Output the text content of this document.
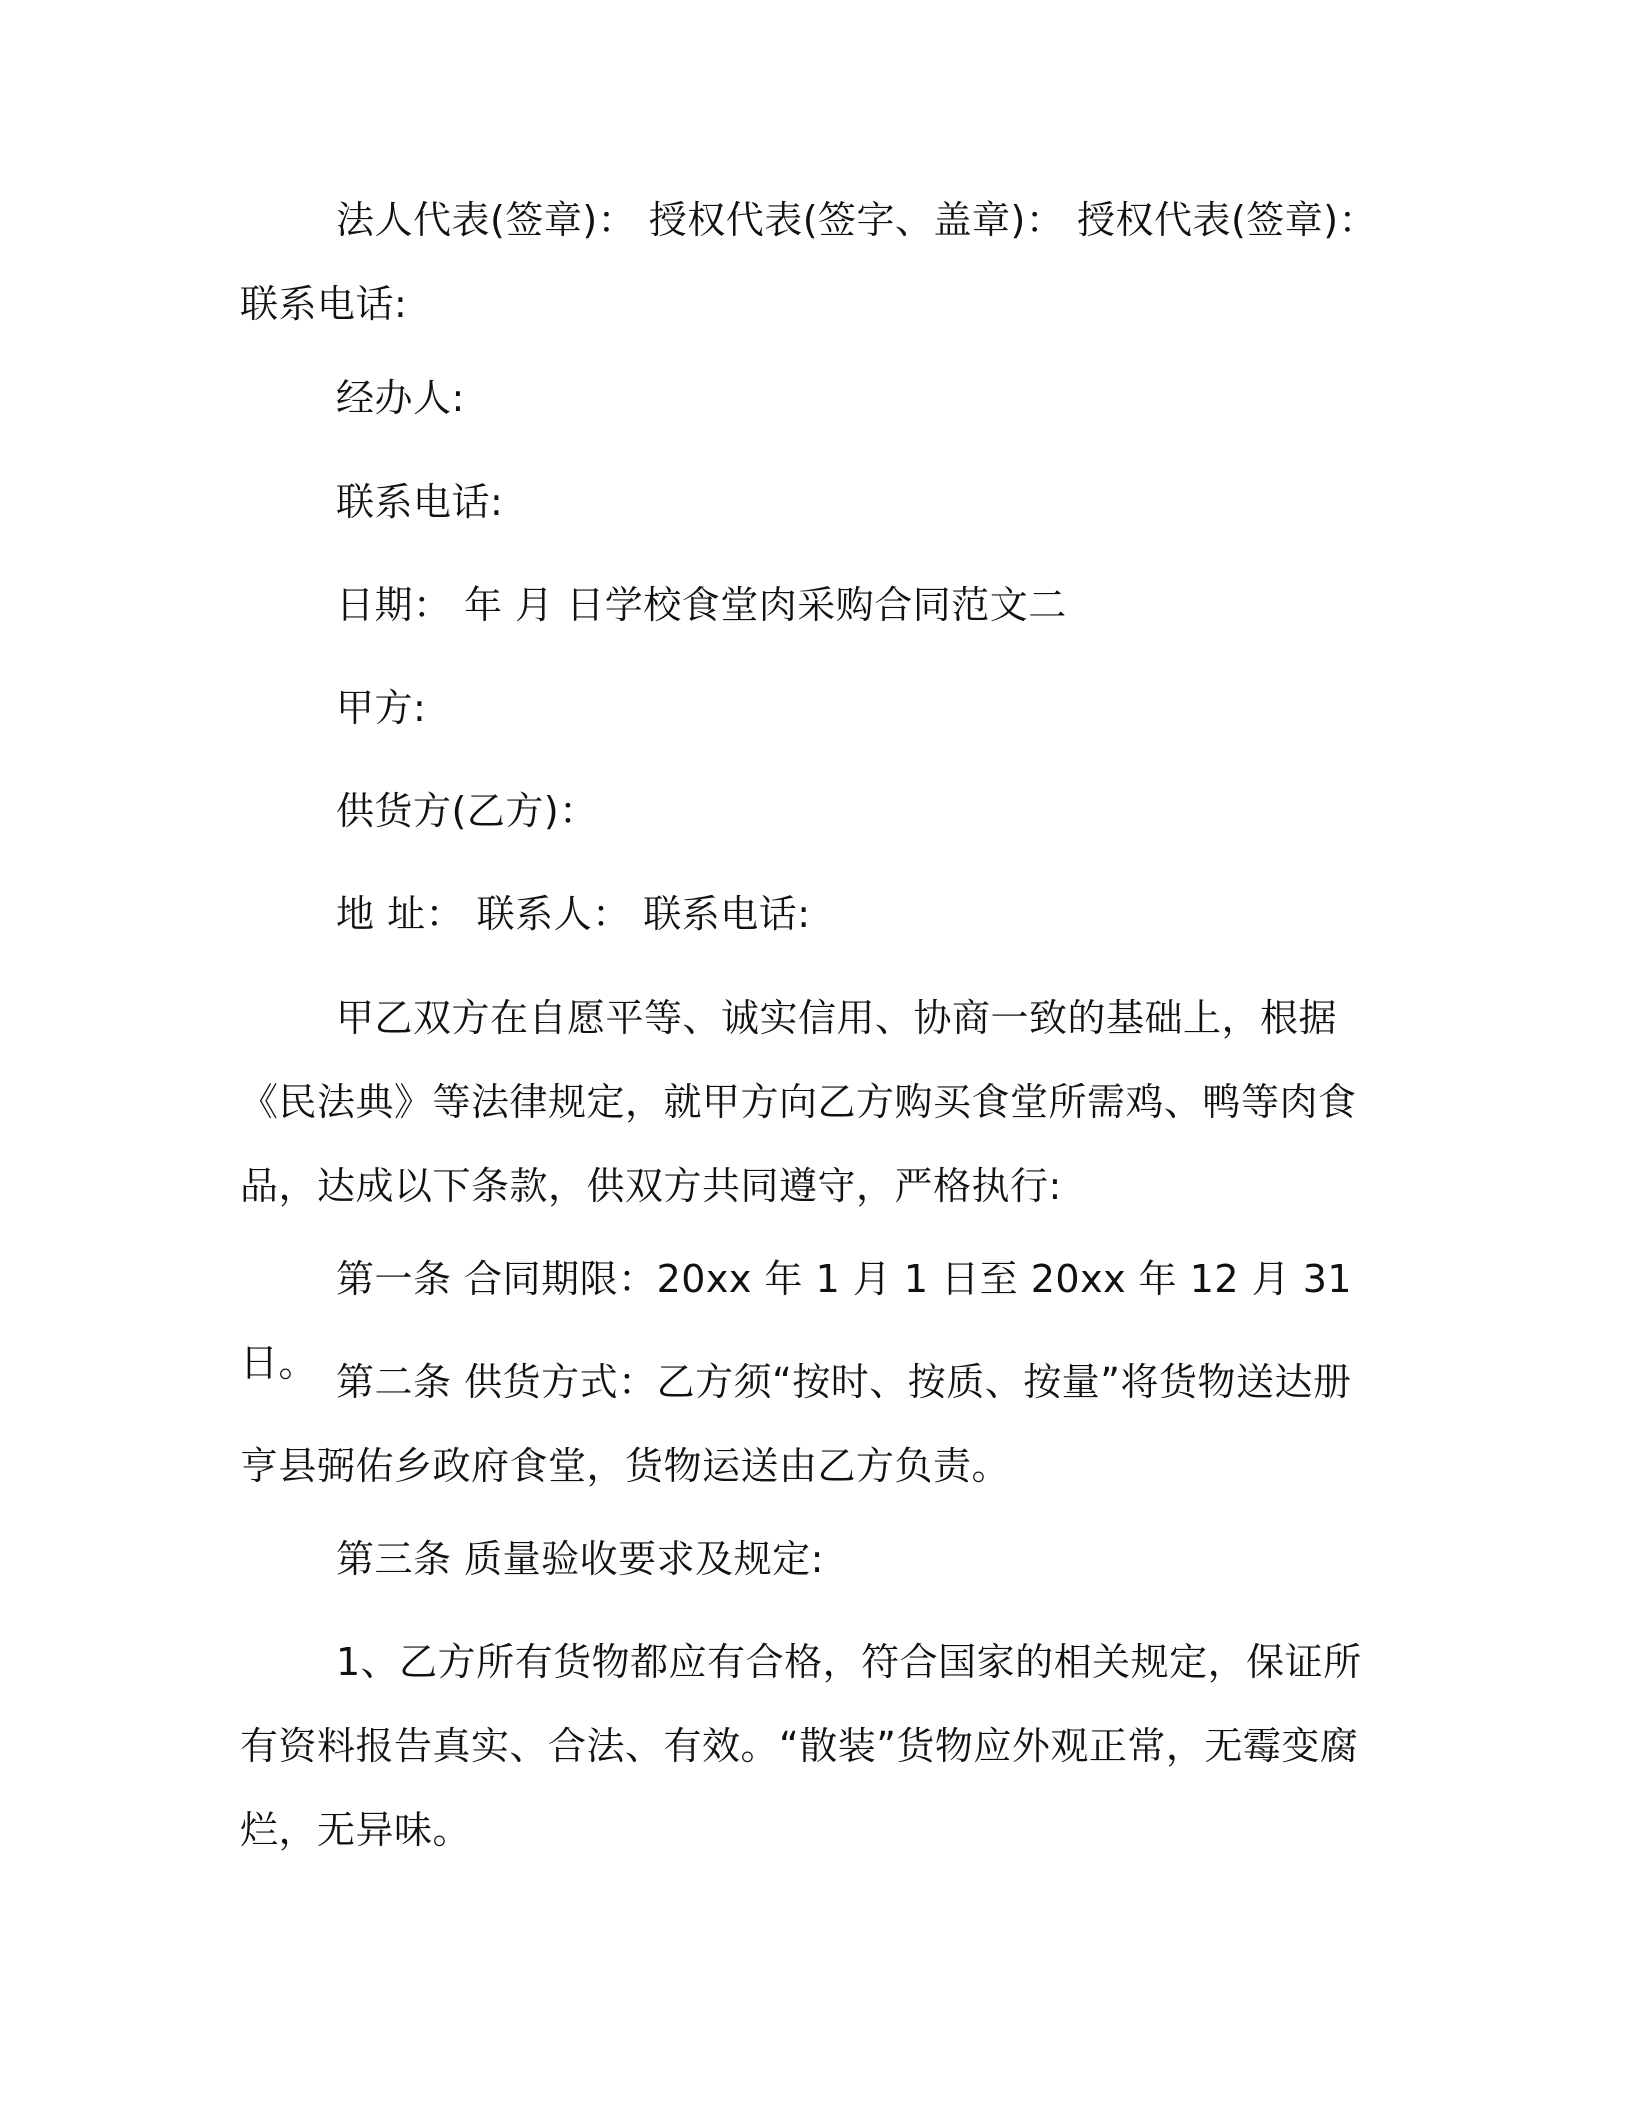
法人代表(签章)： 授权代表(签字、盖章)： 授权代表(签章)： 联系电话:

经办人:

联系电话:

日期： 年 月 日学校食堂肉采购合同范文二

甲方:

供货方(乙方)：

地 址： 联系人： 联系电话:

甲乙双方在自愿平等、诚实信用、协商一致的基础上，根据《民法典》等法律规定，就甲方向乙方购买食堂所需鸡、鸭等肉食品，达成以下条款，供双方共同遵守，严格执行:

第一条 合同期限：20xx 年 1 月 1 日至 20xx 年 12 月 31 日。 第二条 供货方式：乙方须“按时、按质、按量”将货物送达册亨县弼佑乡政府食堂，货物运送由乙方负责。

第三条 质量验收要求及规定:

1、乙方所有货物都应有合格，符合国家的相关规定，保证所有资料报告真实、合法、有效。“散装”货物应外观正常，无霉变腐烂，无异味。
